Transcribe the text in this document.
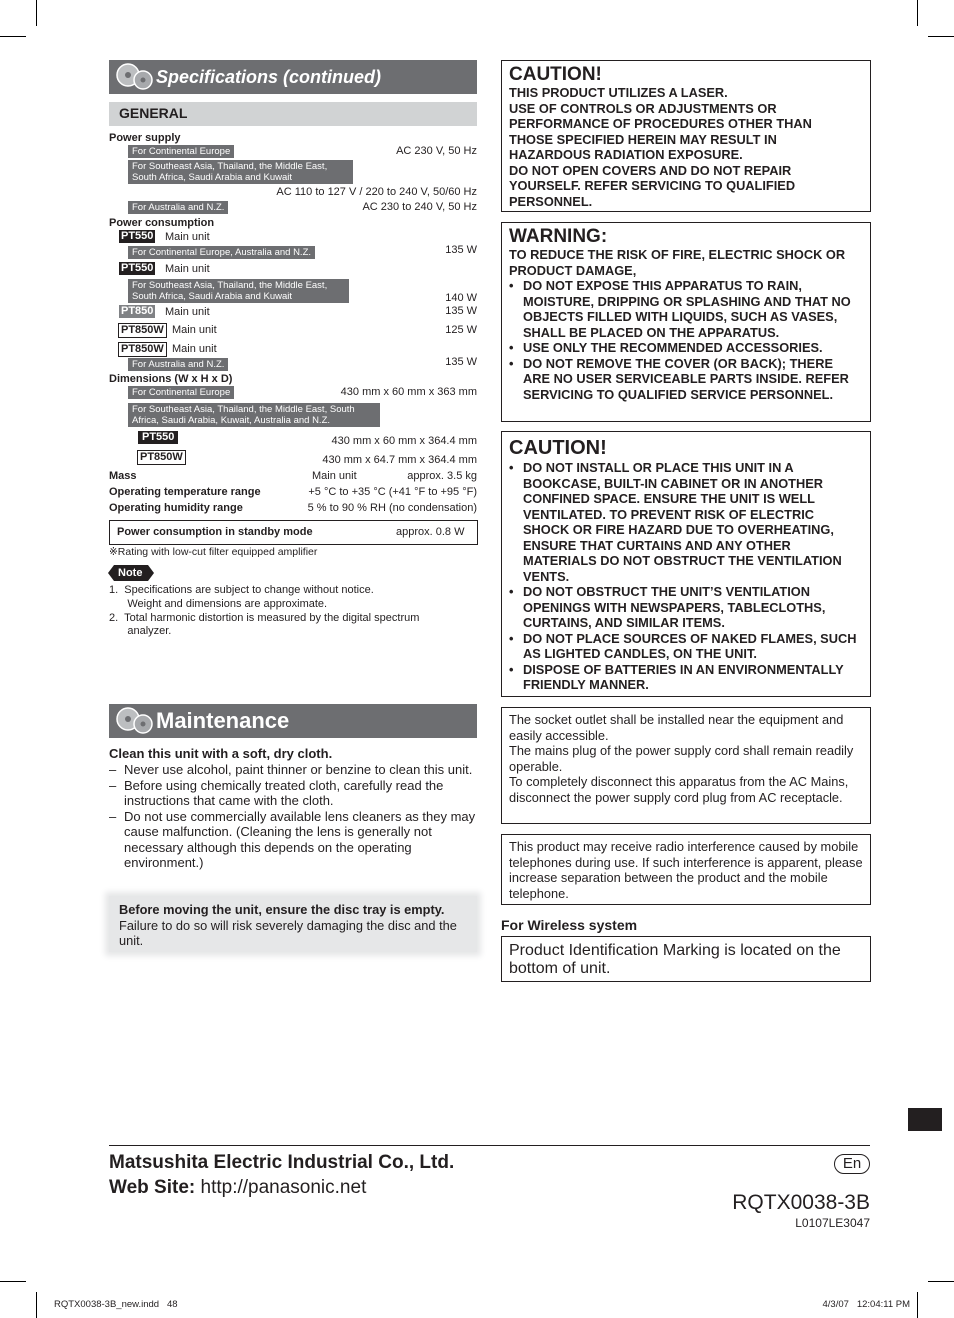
Specifications (continued)
GENERAL
Power supply
For Continental Europe	AC 230 V, 50 Hz
For Southeast Asia, Thailand, the Middle East,
South Africa, Saudi Arabia and Kuwait
AC 110 to 127 V / 220 to 240 V, 50/60 Hz
For Australia and N.Z.	AC 230 to 240 V, 50 Hz
Power consumption
PT550 Main unit
For Continental Europe, Australia and N.Z.	135 W
PT550 Main unit
For Southeast Asia, Thailand, the Middle East,
South Africa, Saudi Arabia and Kuwait	140 W
PT850 Main unit	135 W
PT850W Main unit	125 W
PT850W Main unit
For Australia and N.Z.	135 W
Dimensions (W x H x D)
For Continental Europe	430 mm x 60 mm x 363 mm
For Southeast Asia, Thailand, the Middle East, South
Africa, Saudi Arabia, Kuwait, Australia and N.Z.
PT550	430 mm x 60 mm x 364.4 mm
PT850W	430 mm x 64.7 mm x 364.4 mm
Mass	Main unit	approx. 3.5 kg
Operating temperature range	+5 °C to +35 °C (+41 °F to +95 °F)
Operating humidity range	5 % to 90 % RH (no condensation)
Power consumption in standby mode	approx. 0.8 W
※Rating with low-cut filter equipped amplifier
Note
1.  Specifications are subject to change without notice.
Weight and dimensions are approximate.
2.  Total harmonic distortion is measured by the digital spectrum
analyzer.
Maintenance
Clean this unit with a soft, dry cloth.
– Never use alcohol, paint thinner or benzine to clean this unit.
– Before using chemically treated cloth, carefully read the instructions that came with the cloth.
– Do not use commercially available lens cleaners as they may cause malfunction. (Cleaning the lens is generally not necessary although this depends on the operating environment.)
Before moving the unit, ensure the disc tray is empty.
Failure to do so will risk severely damaging the disc and the unit.
CAUTION!
THIS PRODUCT UTILIZES A LASER.
USE OF CONTROLS OR ADJUSTMENTS OR
PERFORMANCE OF PROCEDURES OTHER THAN
THOSE SPECIFIED HEREIN MAY RESULT IN
HAZARDOUS RADIATION EXPOSURE.
DO NOT OPEN COVERS AND DO NOT REPAIR
YOURSELF. REFER SERVICING TO QUALIFIED
PERSONNEL.
WARNING:
TO REDUCE THE RISK OF FIRE, ELECTRIC SHOCK OR PRODUCT DAMAGE,
• DO NOT EXPOSE THIS APPARATUS TO RAIN, MOISTURE, DRIPPING OR SPLASHING AND THAT NO OBJECTS FILLED WITH LIQUIDS, SUCH AS VASES, SHALL BE PLACED ON THE APPARATUS.
• USE ONLY THE RECOMMENDED ACCESSORIES.
• DO NOT REMOVE THE COVER (OR BACK); THERE ARE NO USER SERVICEABLE PARTS INSIDE. REFER SERVICING TO QUALIFIED SERVICE PERSONNEL.
CAUTION!
• DO NOT INSTALL OR PLACE THIS UNIT IN A BOOKCASE, BUILT-IN CABINET OR IN ANOTHER CONFINED SPACE. ENSURE THE UNIT IS WELL VENTILATED. TO PREVENT RISK OF ELECTRIC SHOCK OR FIRE HAZARD DUE TO OVERHEATING, ENSURE THAT CURTAINS AND ANY OTHER MATERIALS DO NOT OBSTRUCT THE VENTILATION VENTS.
• DO NOT OBSTRUCT THE UNIT’S VENTILATION OPENINGS WITH NEWSPAPERS, TABLECLOTHS, CURTAINS, AND SIMILAR ITEMS.
• DO NOT PLACE SOURCES OF NAKED FLAMES, SUCH AS LIGHTED CANDLES, ON THE UNIT.
• DISPOSE OF BATTERIES IN AN ENVIRONMENTALLY FRIENDLY MANNER.
The socket outlet shall be installed near the equipment and easily accessible.
The mains plug of the power supply cord shall remain readily operable.
To completely disconnect this apparatus from the AC Mains, disconnect the power supply cord plug from AC receptacle.
This product may receive radio interference caused by mobile telephones during use. If such interference is apparent, please increase separation between the product and the mobile telephone.
For Wireless system
Product Identification Marking is located on the bottom of unit.
Matsushita Electric Industrial Co., Ltd.
Web Site: http://panasonic.net
En
RQTX0038-3B
L0107LE3047
RQTX0038-3B_new.indd   48	4/3/07   12:04:11 PM
